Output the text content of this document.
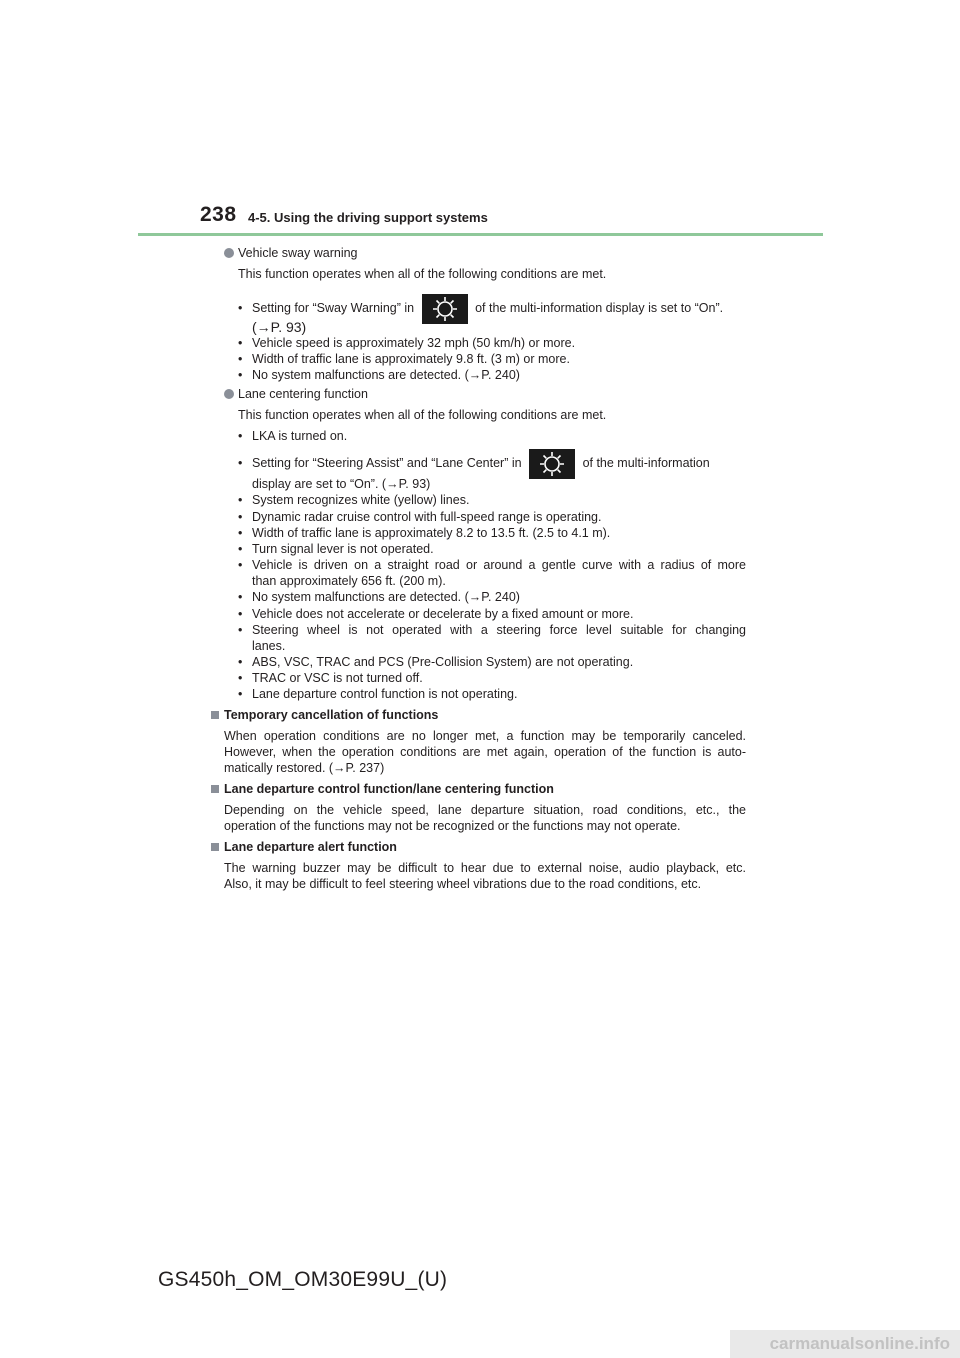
238 4-5. Using the driving support systems
Vehicle sway warning
This function operates when all of the following conditions are met.
• Setting for “Sway Warning” in	of the multi-information display is set to “On”.
(→P. 93)
• Vehicle speed is approximately 32 mph (50 km/h) or more.
• Width of traffic lane is approximately 9.8 ft. (3 m) or more.
• No system malfunctions are detected. (→P. 240)
Lane centering function
This function operates when all of the following conditions are met.
• LKA is turned on.
• Setting for “Steering Assist” and “Lane Center” in	of the multi-information
display are set to “On”. (→P. 93)
• System recognizes white (yellow) lines.
• Dynamic radar cruise control with full-speed range is operating.
• Width of traffic lane is approximately 8.2 to 13.5 ft. (2.5 to 4.1 m).
• Turn signal lever is not operated.
• Vehicle is driven on a straight road or around a gentle curve with a radius of more
than approximately 656 ft. (200 m).
• No system malfunctions are detected. (→P. 240)
• Vehicle does not accelerate or decelerate by a fixed amount or more.
• Steering wheel is not operated with a steering force level suitable for changing
lanes.
• ABS, VSC, TRAC and PCS (Pre-Collision System) are not operating.
• TRAC or VSC is not turned off.
• Lane departure control function is not operating.
Temporary cancellation of functions
When operation conditions are no longer met, a function may be temporarily canceled.
However, when the operation conditions are met again, operation of the function is auto-
matically restored. (→P. 237)
Lane departure control function/lane centering function
Depending on the vehicle speed, lane departure situation, road conditions, etc., the
operation of the functions may not be recognized or the functions may not operate.
Lane departure alert function
The warning buzzer may be difficult to hear due to external noise, audio playback, etc.
Also, it may be difficult to feel steering wheel vibrations due to the road conditions, etc.
GS450h_OM_OM30E99U_(U)
carmanualsonline.info
